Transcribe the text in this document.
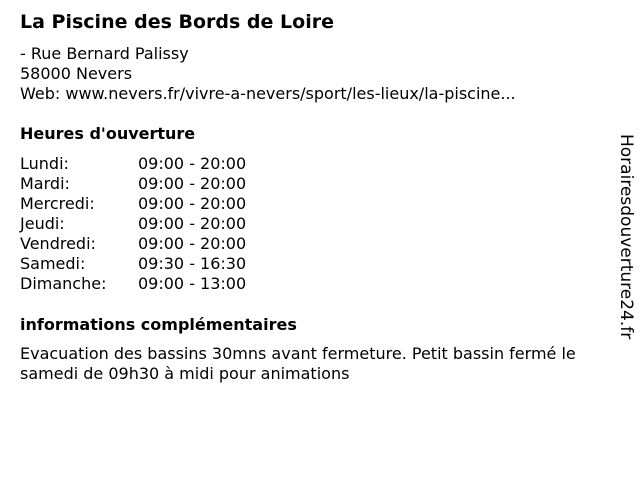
La Piscine des Bords de Loire
- Rue Bernard Palissy
58000 Nevers
Web: www.nevers.fr/vivre-a-nevers/sport/les-lieux/la-piscine...
Heures d'ouverture
Lundi:	09:00 - 20:00
Mardi:	09:00 - 20:00
Mercredi:	09:00 - 20:00
Jeudi:	09:00 - 20:00
Vendredi:	09:00 - 20:00
Samedi:	09:30 - 16:30
Dimanche:	09:00 - 13:00
informations complémentaires
Evacuation des bassins 30mns avant fermeture. Petit bassin fermé le samedi de 09h30 à midi pour animations
Horairesdouverture24.fr
